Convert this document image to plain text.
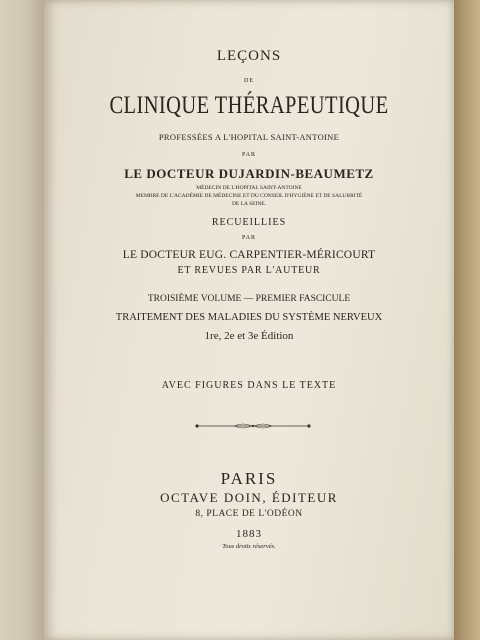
LEÇONS
DE
CLINIQUE THÉRAPEUTIQUE
PROFESSÉES A L'HOPITAL SAINT-ANTOINE
PAR
LE DOCTEUR DUJARDIN-BEAUMETZ
MÉDECIN DE L'HOPITAL SAINT-ANTOINE
MEMBRE DE L'ACADÉMIE DE MÉDECINE ET DU CONSEIL D'HYGIÈNE ET DE SALUBRITÉ
DE LA SEINE.
RECUEILLIES
PAR
LE DOCTEUR EUG. CARPENTIER-MÉRICOURT
ET REVUES PAR L'AUTEUR
TROISIÈME VOLUME — PREMIER FASCICULE
TRAITEMENT DES MALADIES DU SYSTÈME NERVEUX
1re, 2e et 3e Édition
AVEC FIGURES DANS LE TEXTE
PARIS
OCTAVE DOIN, ÉDITEUR
8, PLACE DE L'ODÉON
1883
Tous droits réservés.
